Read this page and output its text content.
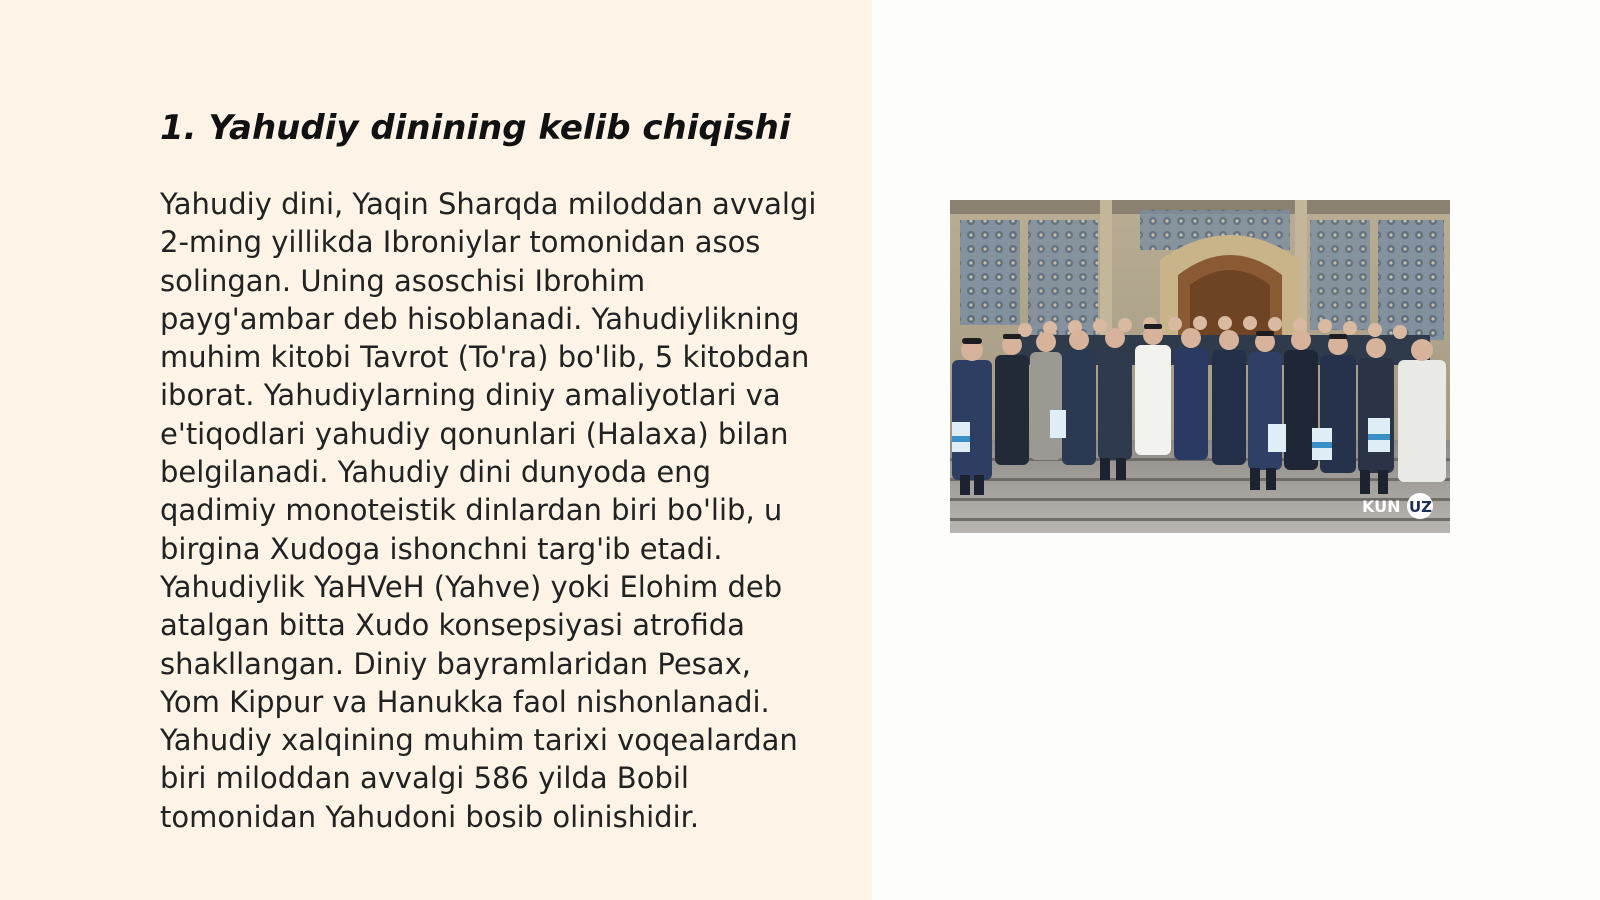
1. Yahudiy dinining kelib chiqishi
Yahudiy dini, Yaqin Sharqda miloddan avvalgi
2-ming yillikda Ibroniylar tomonidan asos
solingan. Uning asoschisi Ibrohim
payg'ambar deb hisoblanadi. Yahudiylikning
muhim kitobi Tavrot (To'ra) bo'lib, 5 kitobdan
iborat. Yahudiylarning diniy amaliyotlari va
e'tiqodlari yahudiy qonunlari (Halaxa) bilan
belgilanadi. Yahudiy dini dunyoda eng
qadimiy monoteistik dinlardan biri bo'lib, u
birgina Xudoga ishonchni targ'ib etadi.
Yahudiylik YaHVeH (Yahve) yoki Elohim deb
atalgan bitta Xudo konsepsiyasi atrofida
shakllangan. Diniy bayramlaridan Pesax,
Yom Kippur va Hanukka faol nishonlanadi.
Yahudiy xalqining muhim tarixi voqealardan
biri miloddan avvalgi 586 yilda Bobil
tomonidan Yahudoni bosib olinishidir.
KUN UZ
